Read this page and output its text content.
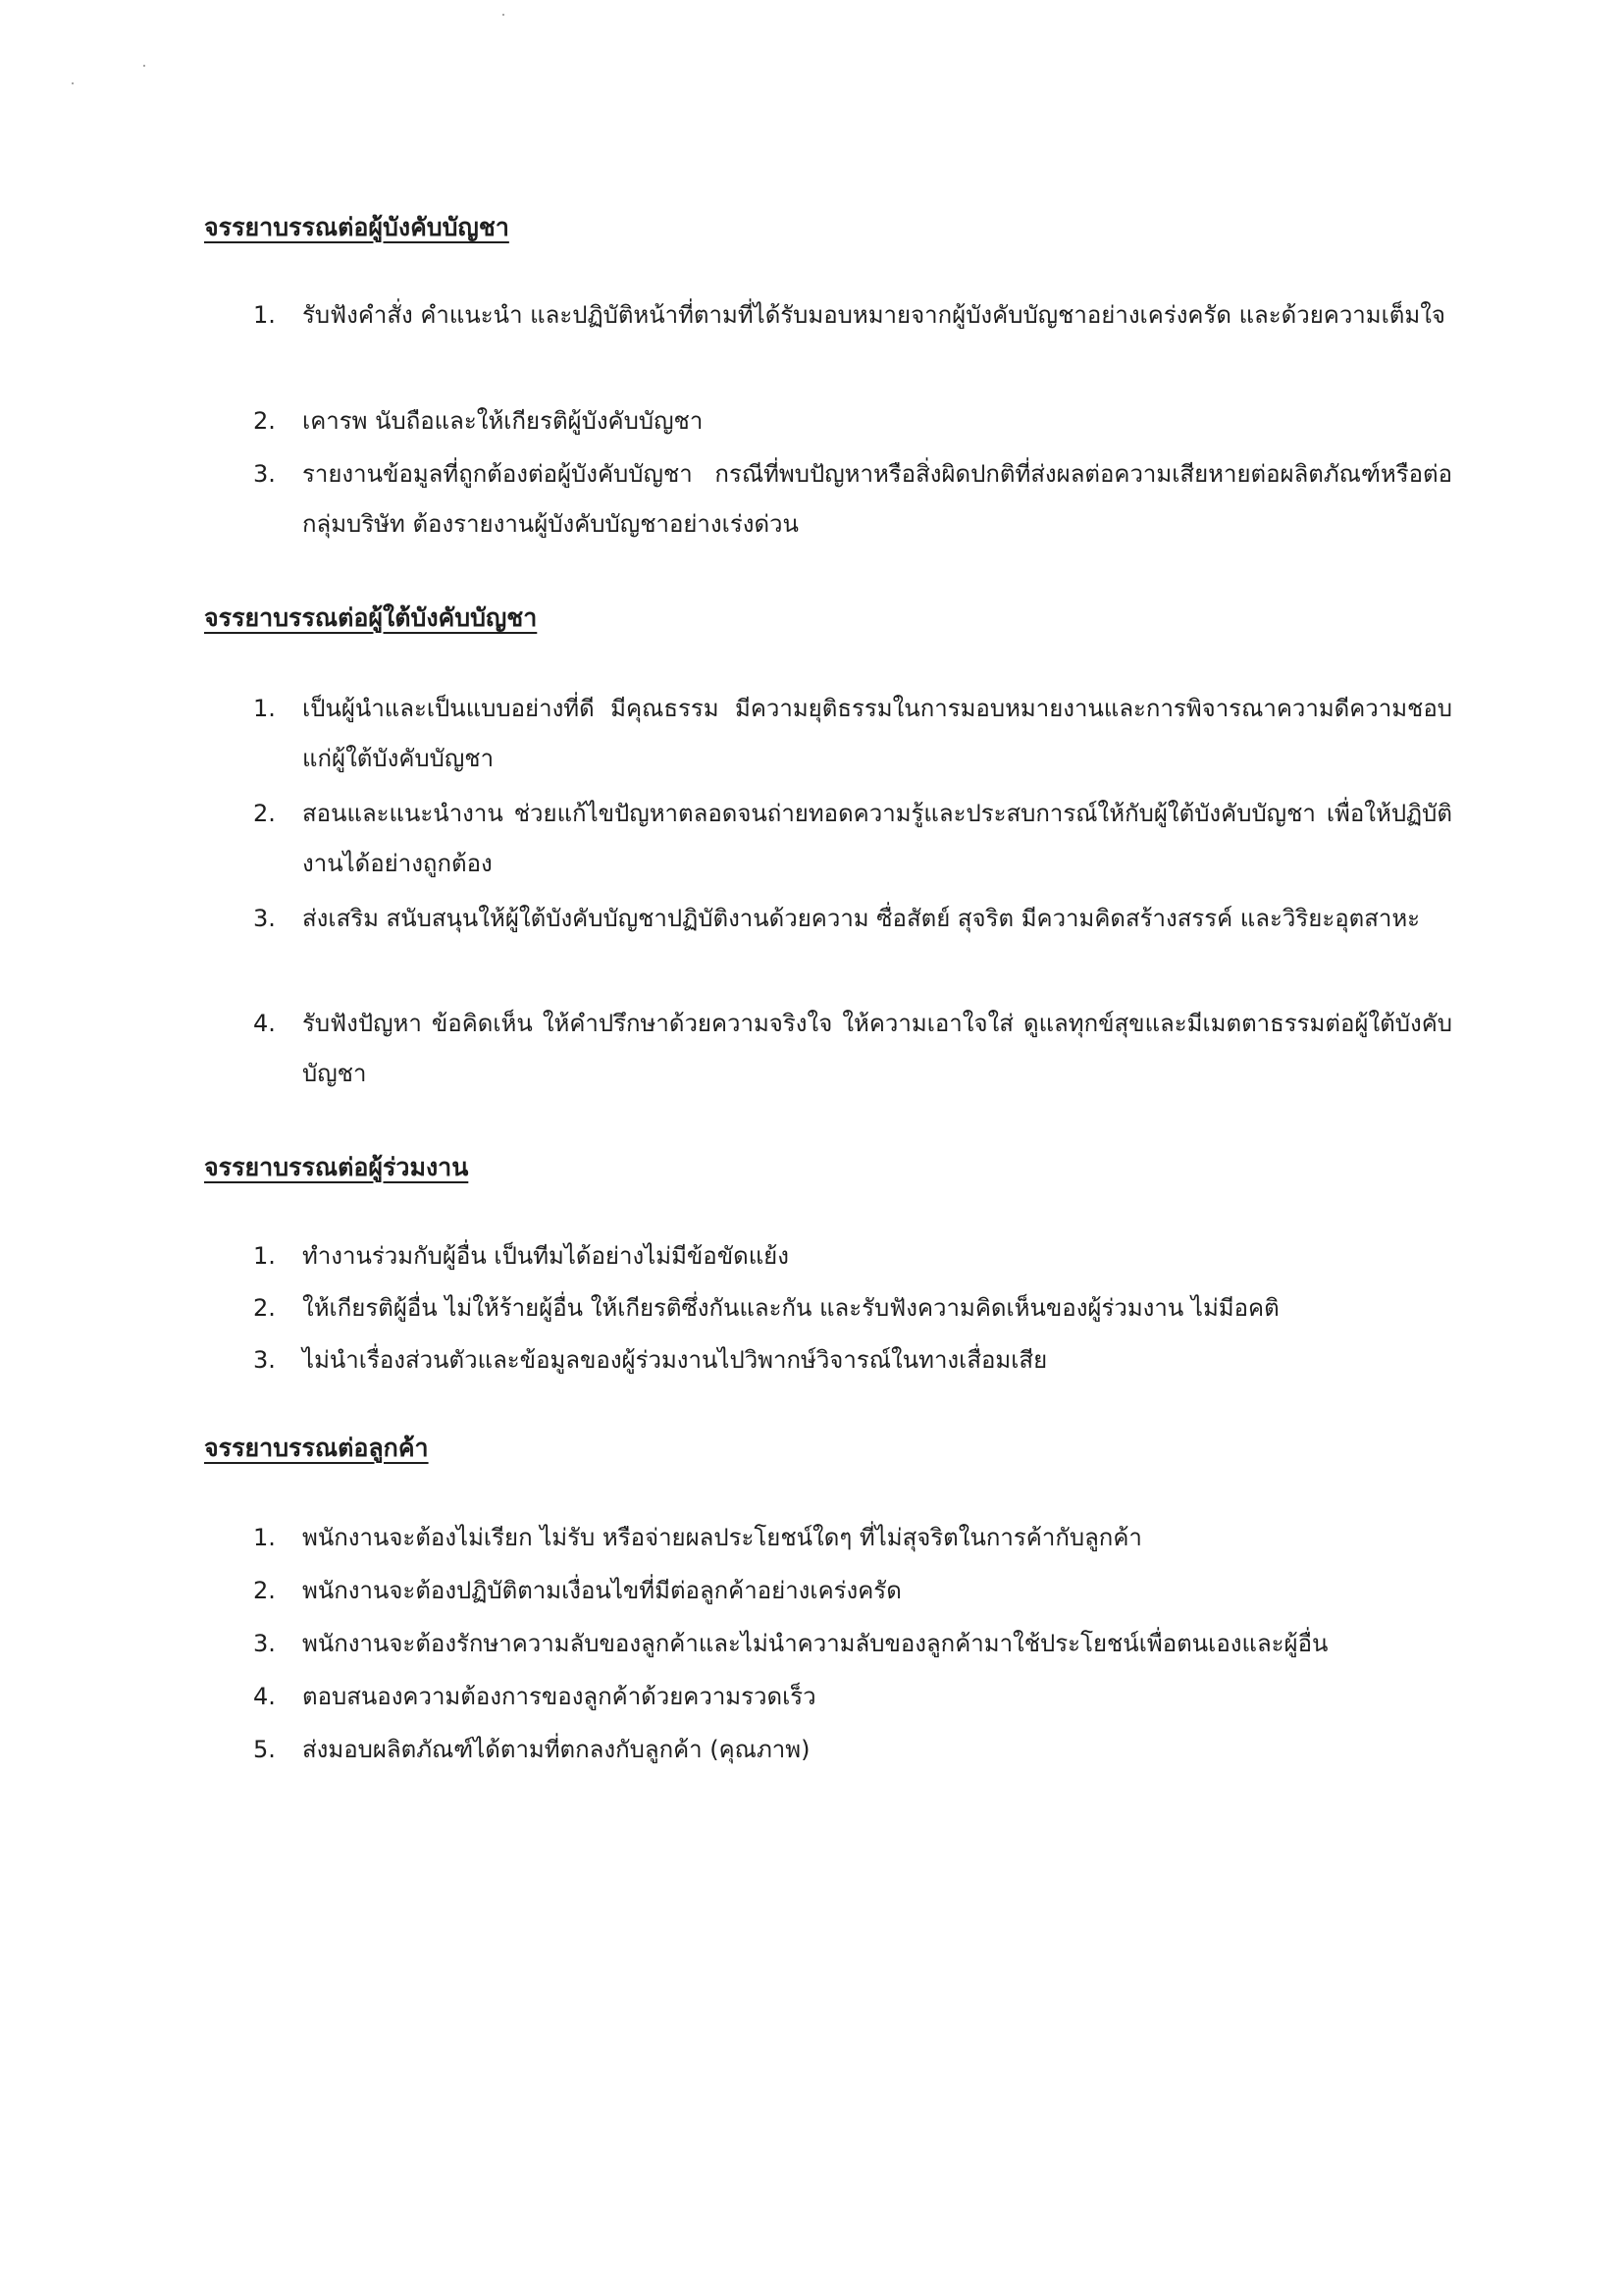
จรรยาบรรณต่อผู้บังคับบัญชา
1.	รับฟังคำสั่ง คำแนะนำ และปฏิบัติหน้าที่ตามที่ได้รับมอบหมายจากผู้บังคับบัญชาอย่างเคร่งครัด และด้วยความเต็มใจ
2.	เคารพ นับถือและให้เกียรติผู้บังคับบัญชา
3.	รายงานข้อมูลที่ถูกต้องต่อผู้บังคับบัญชา กรณีที่พบปัญหาหรือสิ่งผิดปกติที่ส่งผลต่อความเสียหายต่อผลิตภัณฑ์หรือต่อกลุ่มบริษัท ต้องรายงานผู้บังคับบัญชาอย่างเร่งด่วน
จรรยาบรรณต่อผู้ใต้บังคับบัญชา
1.	เป็นผู้นำและเป็นแบบอย่างที่ดี มีคุณธรรม มีความยุติธรรมในการมอบหมายงานและการพิจารณาความดีความชอบแก่ผู้ใต้บังคับบัญชา
2.	สอนและแนะนำงาน ช่วยแก้ไขปัญหาตลอดจนถ่ายทอดความรู้และประสบการณ์ให้กับผู้ใต้บังคับบัญชา เพื่อให้ปฏิบัติงานได้อย่างถูกต้อง
3.	ส่งเสริม สนับสนุนให้ผู้ใต้บังคับบัญชาปฏิบัติงานด้วยความ ซื่อสัตย์ สุจริต มีความคิดสร้างสรรค์ และวิริยะอุตสาหะ
4.	รับฟังปัญหา ข้อคิดเห็น ให้คำปรึกษาด้วยความจริงใจ ให้ความเอาใจใส่ ดูแลทุกข์สุขและมีเมตตาธรรมต่อผู้ใต้บังคับบัญชา
จรรยาบรรณต่อผู้ร่วมงาน
1.	ทำงานร่วมกับผู้อื่น เป็นทีมได้อย่างไม่มีข้อขัดแย้ง
2.	ให้เกียรติผู้อื่น ไม่ให้ร้ายผู้อื่น ให้เกียรติซึ่งกันและกัน และรับฟังความคิดเห็นของผู้ร่วมงาน ไม่มีอคติ
3.	ไม่นำเรื่องส่วนตัวและข้อมูลของผู้ร่วมงานไปวิพากษ์วิจารณ์ในทางเสื่อมเสีย
จรรยาบรรณต่อลูกค้า
1.	พนักงานจะต้องไม่เรียก ไม่รับ หรือจ่ายผลประโยชน์ใดๆ ที่ไม่สุจริตในการค้ากับลูกค้า
2.	พนักงานจะต้องปฏิบัติตามเงื่อนไขที่มีต่อลูกค้าอย่างเคร่งครัด
3.	พนักงานจะต้องรักษาความลับของลูกค้าและไม่นำความลับของลูกค้ามาใช้ประโยชน์เพื่อตนเองและผู้อื่น
4.	ตอบสนองความต้องการของลูกค้าด้วยความรวดเร็ว
5.	ส่งมอบผลิตภัณฑ์ได้ตามที่ตกลงกับลูกค้า (คุณภาพ)
